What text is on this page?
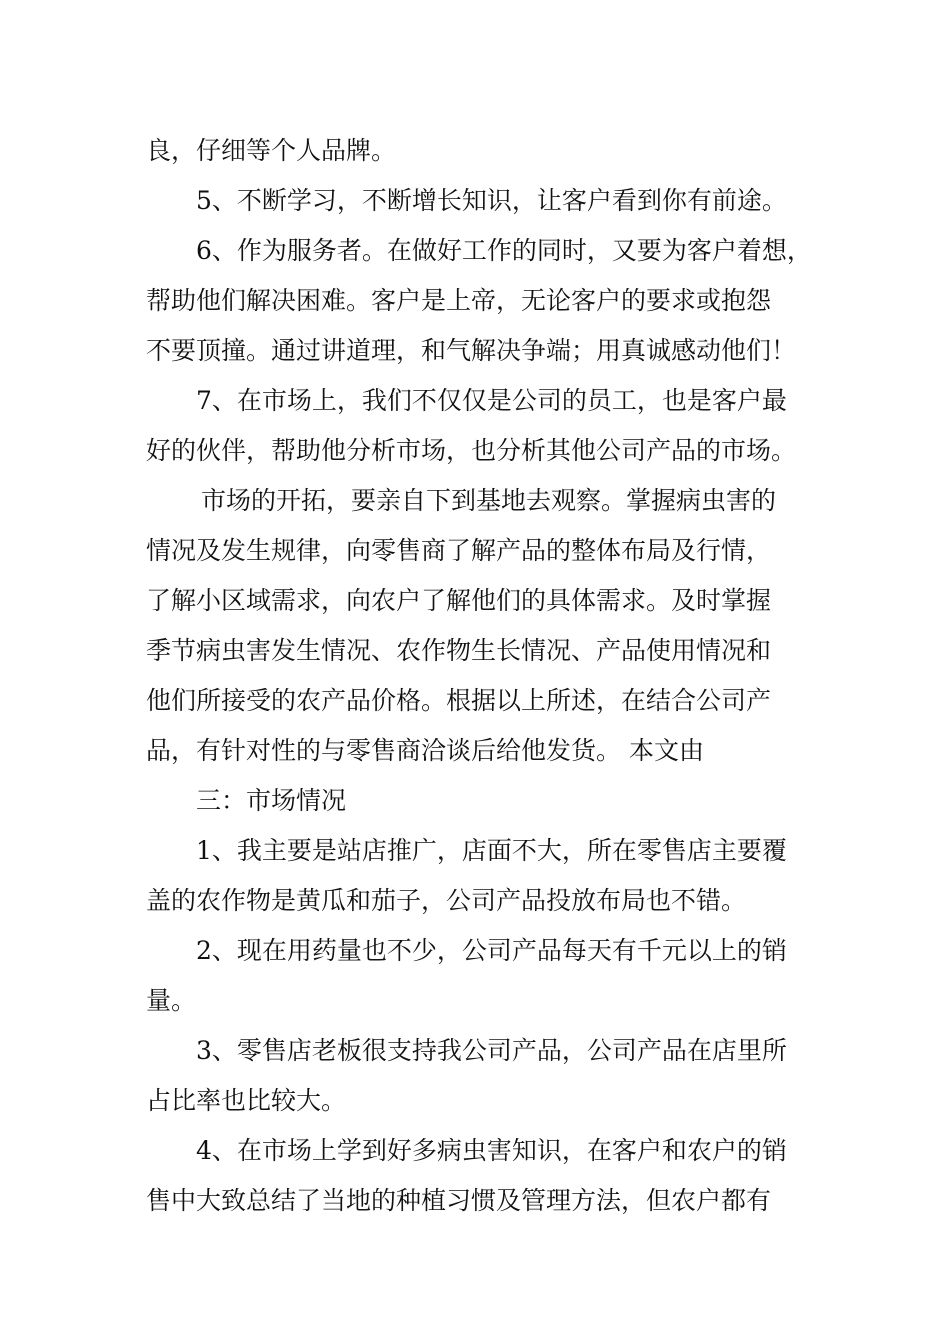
良，仔细等个人品牌。
5、不断学习，不断增长知识，让客户看到你有前途。
6、作为服务者。在做好工作的同时，又要为客户着想，
帮助他们解决困难。客户是上帝，无论客户的要求或抱怨
不要顶撞。通过讲道理，和气解决争端；用真诚感动他们！
7、在市场上，我们不仅仅是公司的员工，也是客户最
好的伙伴，帮助他分析市场，也分析其他公司产品的市场。
市场的开拓，要亲自下到基地去观察。掌握病虫害的
情况及发生规律，向零售商了解产品的整体布局及行情，
了解小区域需求，向农户了解他们的具体需求。及时掌握
季节病虫害发生情况、农作物生长情况、产品使用情况和
他们所接受的农产品价格。根据以上所述，在结合公司产
品，有针对性的与零售商洽谈后给他发货。 本文由
三：市场情况
1、我主要是站店推广，店面不大，所在零售店主要覆
盖的农作物是黄瓜和茄子，公司产品投放布局也不错。
2、现在用药量也不少，公司产品每天有千元以上的销
量。
3、零售店老板很支持我公司产品，公司产品在店里所
占比率也比较大。
4、在市场上学到好多病虫害知识，在客户和农户的销
售中大致总结了当地的种植习惯及管理方法，但农户都有
